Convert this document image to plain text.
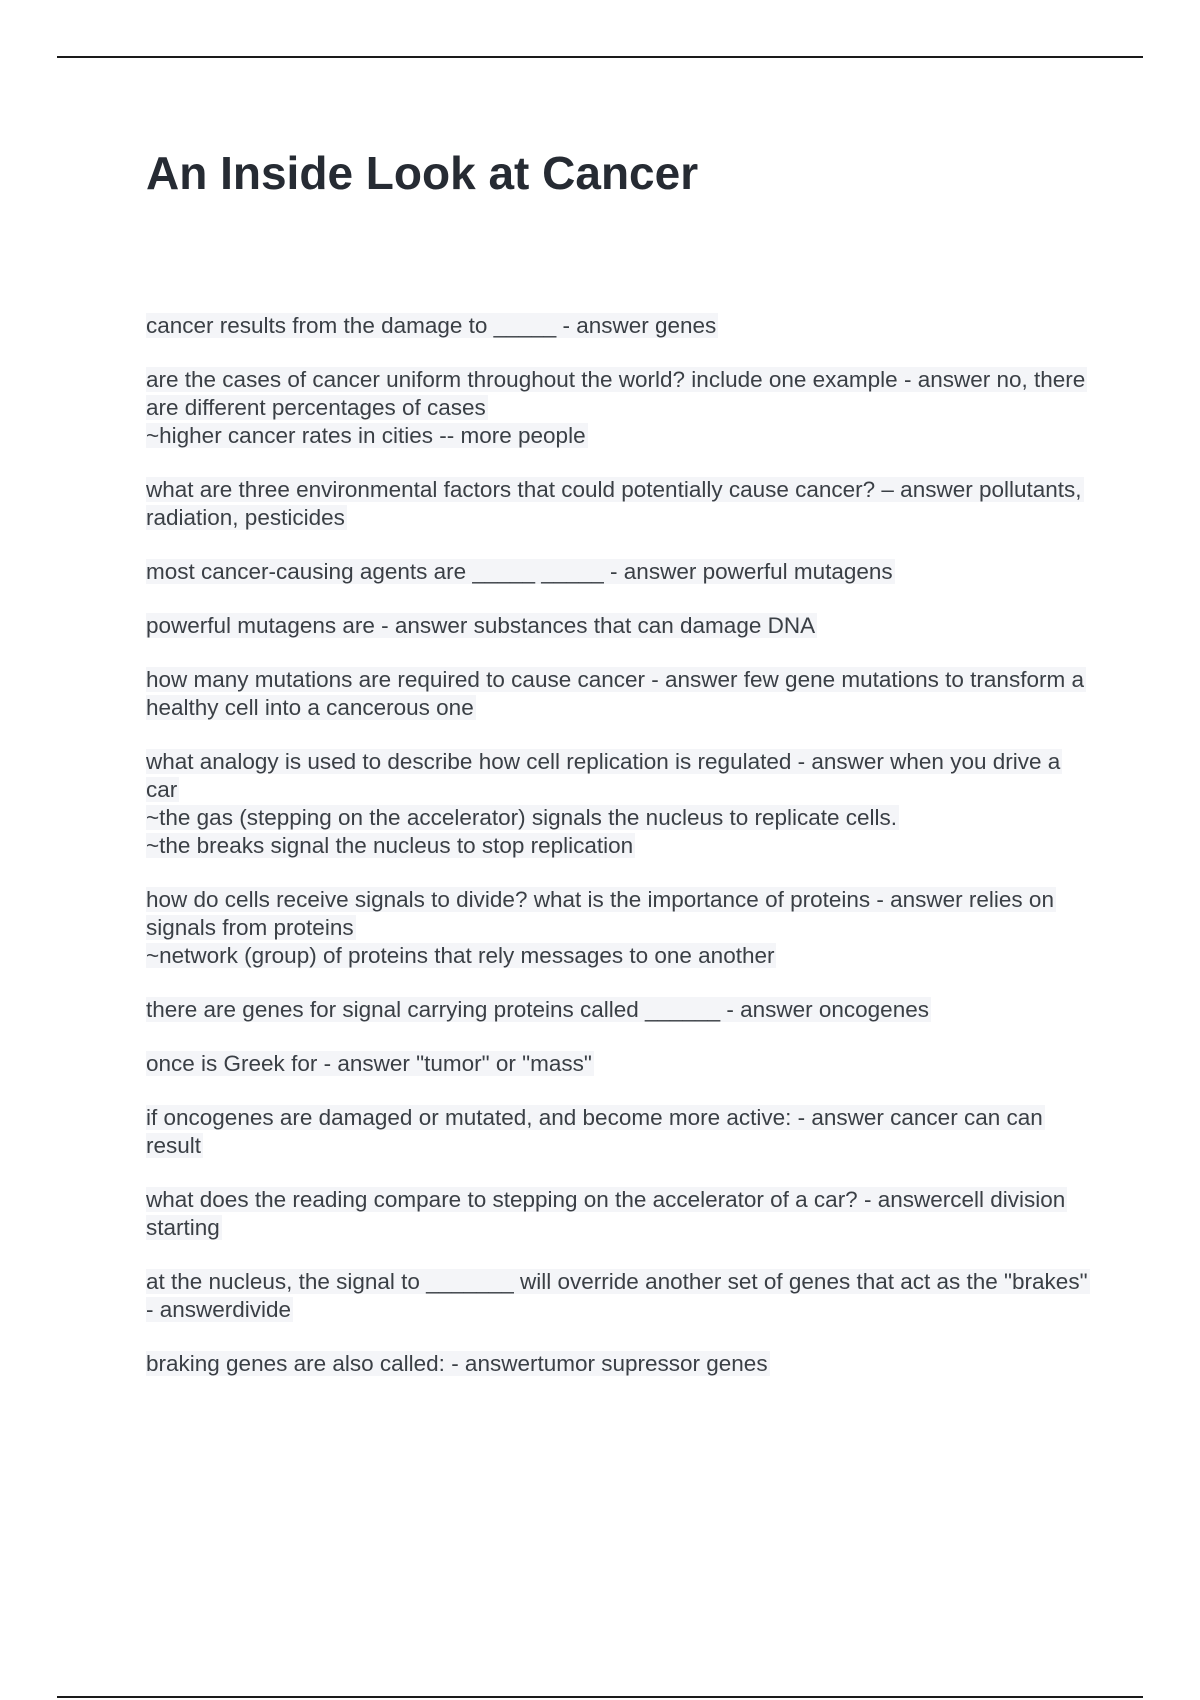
An Inside Look at Cancer
cancer results from the damage to _____ - answer genes
are the cases of cancer uniform throughout the world? include one example - answer no, there are different percentages of cases
~higher cancer rates in cities -- more people
what are three environmental factors that could potentially cause cancer? – answer pollutants, radiation, pesticides
most cancer-causing agents are _____ _____ - answer powerful mutagens
powerful mutagens are - answer substances that can damage DNA
how many mutations are required to cause cancer - answer few gene mutations to transform a healthy cell into a cancerous one
what analogy is used to describe how cell replication is regulated - answer when you drive a car
~the gas (stepping on the accelerator) signals the nucleus to replicate cells.
~the breaks signal the nucleus to stop replication
how do cells receive signals to divide? what is the importance of proteins - answer relies on signals from proteins
~network (group) of proteins that rely messages to one another
there are genes for signal carrying proteins called ______ - answer oncogenes
once is Greek for - answer "tumor" or "mass"
if oncogenes are damaged or mutated, and become more active: - answer cancer can can result
what does the reading compare to stepping on the accelerator of a car? - answercell division starting
at the nucleus, the signal to _______ will override another set of genes that act as the "brakes" - answerdivide
braking genes are also called: - answertumor supressor genes
